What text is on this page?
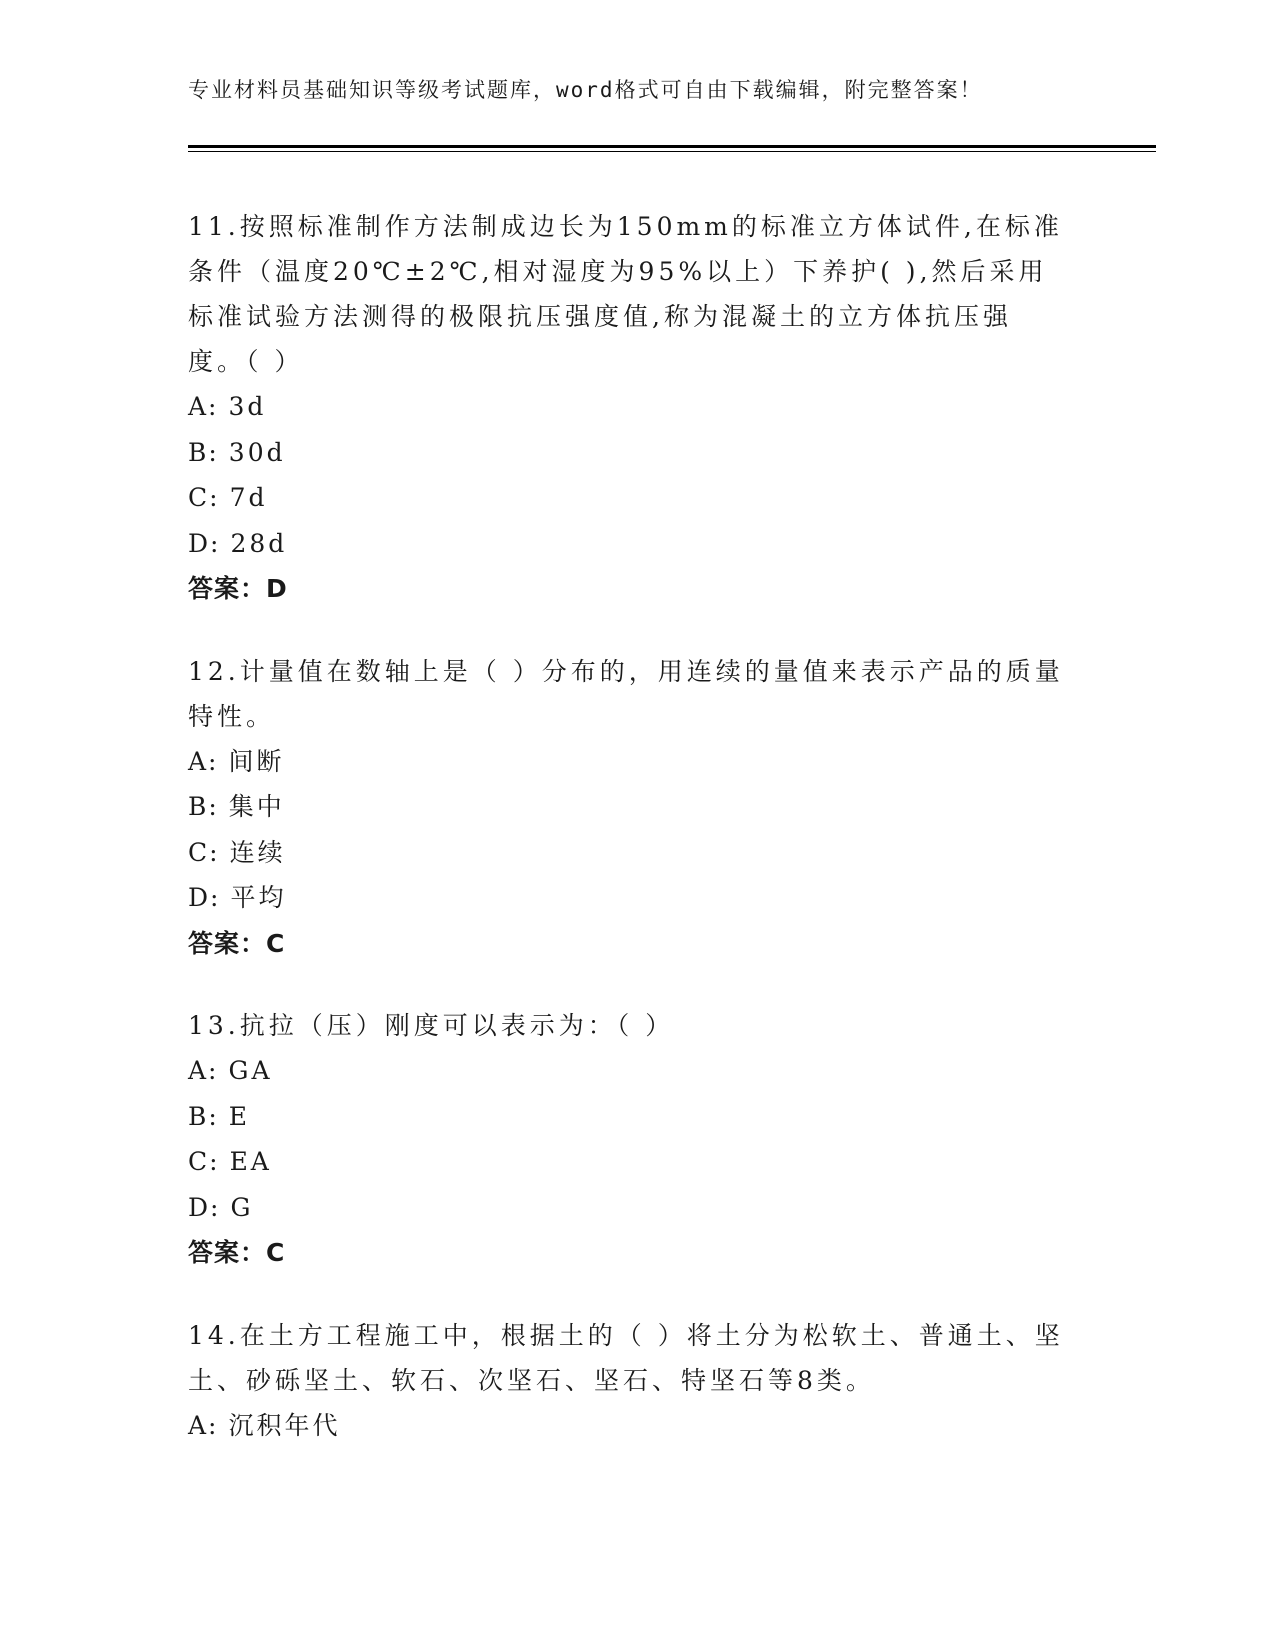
专业材料员基础知识等级考试题库，word格式可自由下载编辑，附完整答案！

11.按照标准制作方法制成边长为150mm的标准立方体试件,在标准条件（温度20℃±2℃,相对湿度为95%以上）下养护( ),然后采用标准试验方法测得的极限抗压强度值,称为混凝土的立方体抗压强度。（ ）

A: 3d
B: 30d
C: 7d
D: 28d
答案：D

12.计量值在数轴上是（ ）分布的，用连续的量值来表示产品的质量特性。

A: 间断
B: 集中
C: 连续
D: 平均
答案：C

13.抗拉（压）刚度可以表示为：（ ）

A: GA
B: E
C: EA
D: G
答案：C

14.在土方工程施工中，根据土的（ ）将土分为松软土、普通土、坚土、砂砾坚土、软石、次坚石、坚石、特坚石等8类。

A: 沉积年代
